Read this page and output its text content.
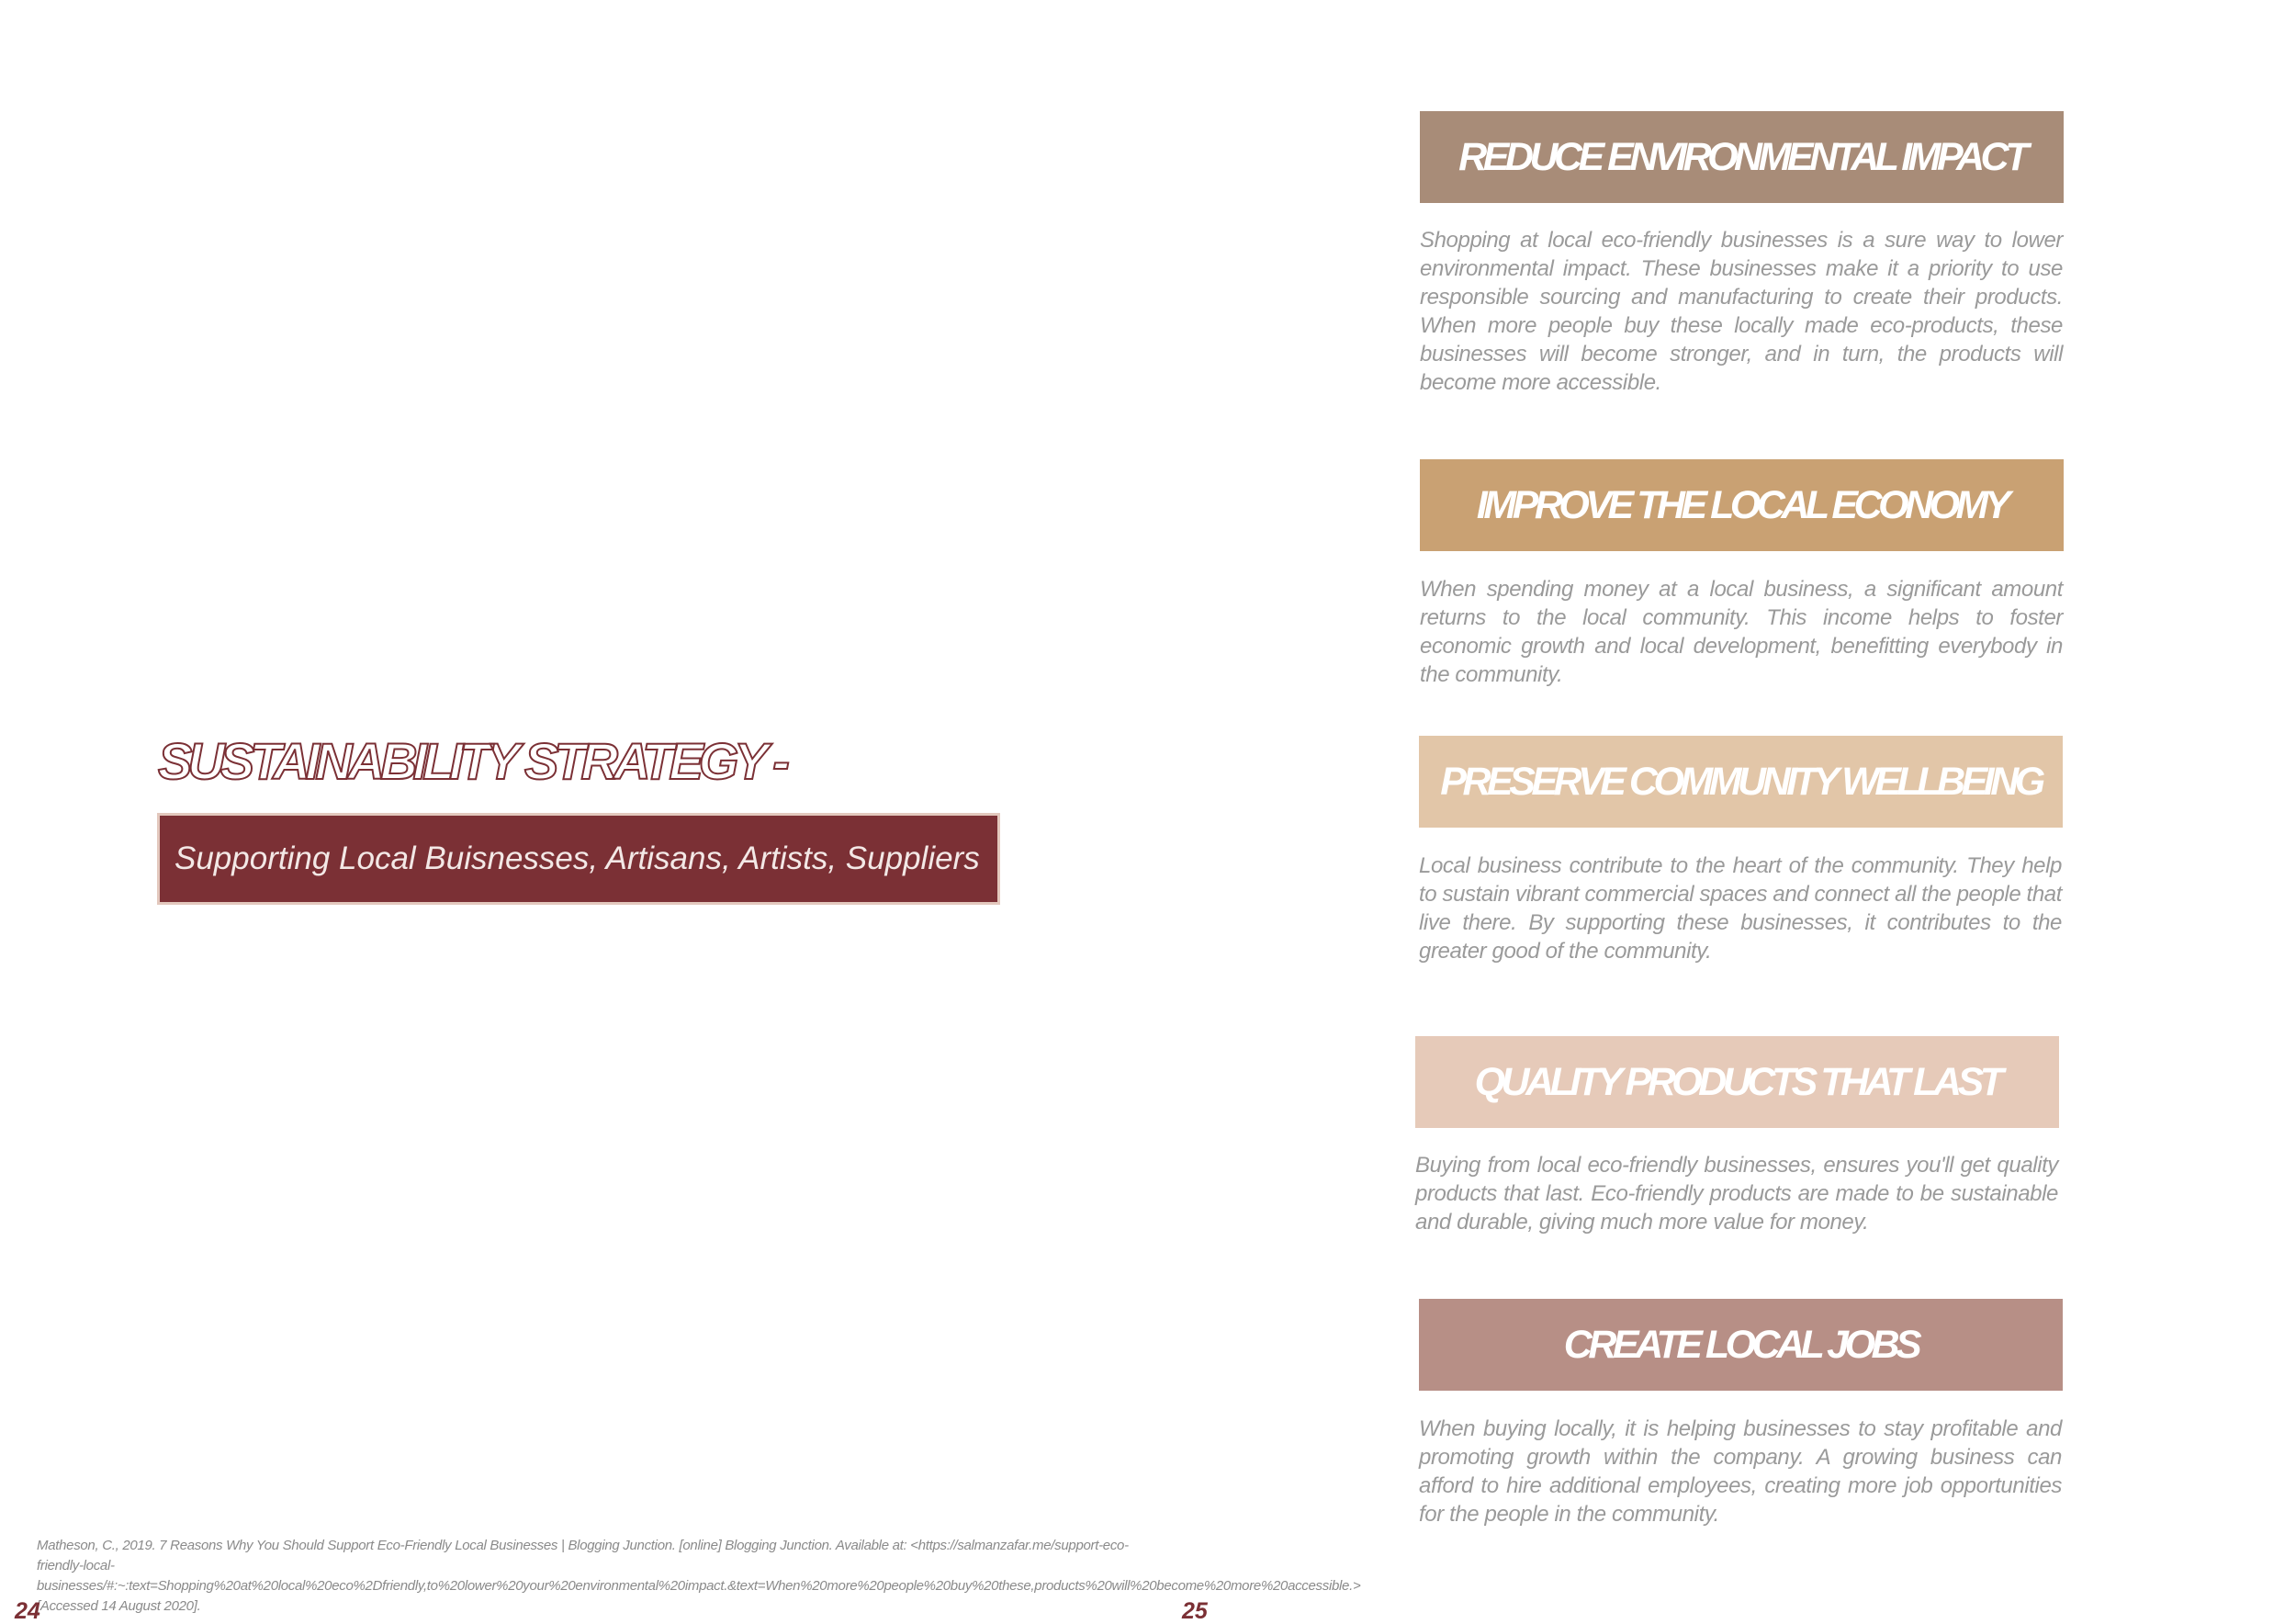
SUSTAINABILITY STRATEGY -
Supporting Local Buisnesses, Artisans, Artists, Suppliers
Matheson, C., 2019. 7 Reasons Why You Should Support Eco-Friendly Local Businesses | Blogging Junction. [online] Blogging Junction. Available at: <https://salmanzafar.me/support-eco-friendly-local-businesses/#:~:text=Shopping%20at%20local%20eco%2Dfriendly,to%20lower%20your%20environmental%20impact.&text=When%20more%20people%20buy%20these,products%20will%20become%20more%20accessible.> [Accessed 14 August 2020].
24	25
REDUCE ENVIRONMENTAL IMPACT
Shopping at local eco-friendly businesses is a sure way to lower environmental impact. These businesses make it a priority to use responsible sourcing and manufacturing to create their products. When more people buy these locally made eco-products, these businesses will become stronger, and in turn, the products will become more accessible.
IMPROVE THE LOCAL ECONOMY
When spending money at a local business, a significant amount returns to the local community. This income helps to foster economic growth and local development, benefitting everybody in the community.
PRESERVE COMMUNITY WELLBEING
Local business contribute to the heart of the community. They help to sustain vibrant commercial spaces and connect all the people that live there. By supporting these businesses, it contributes to the greater good of the community.
QUALITY PRODUCTS THAT LAST
Buying from local eco-friendly businesses, ensures you'll get quality products that last. Eco-friendly products are made to be sustainable and durable, giving much more value for money.
CREATE LOCAL JOBS
When buying locally, it is helping businesses to stay profitable and promoting growth within the company. A growing business can afford to hire additional employees, creating more job opportunities for the people in the community.
